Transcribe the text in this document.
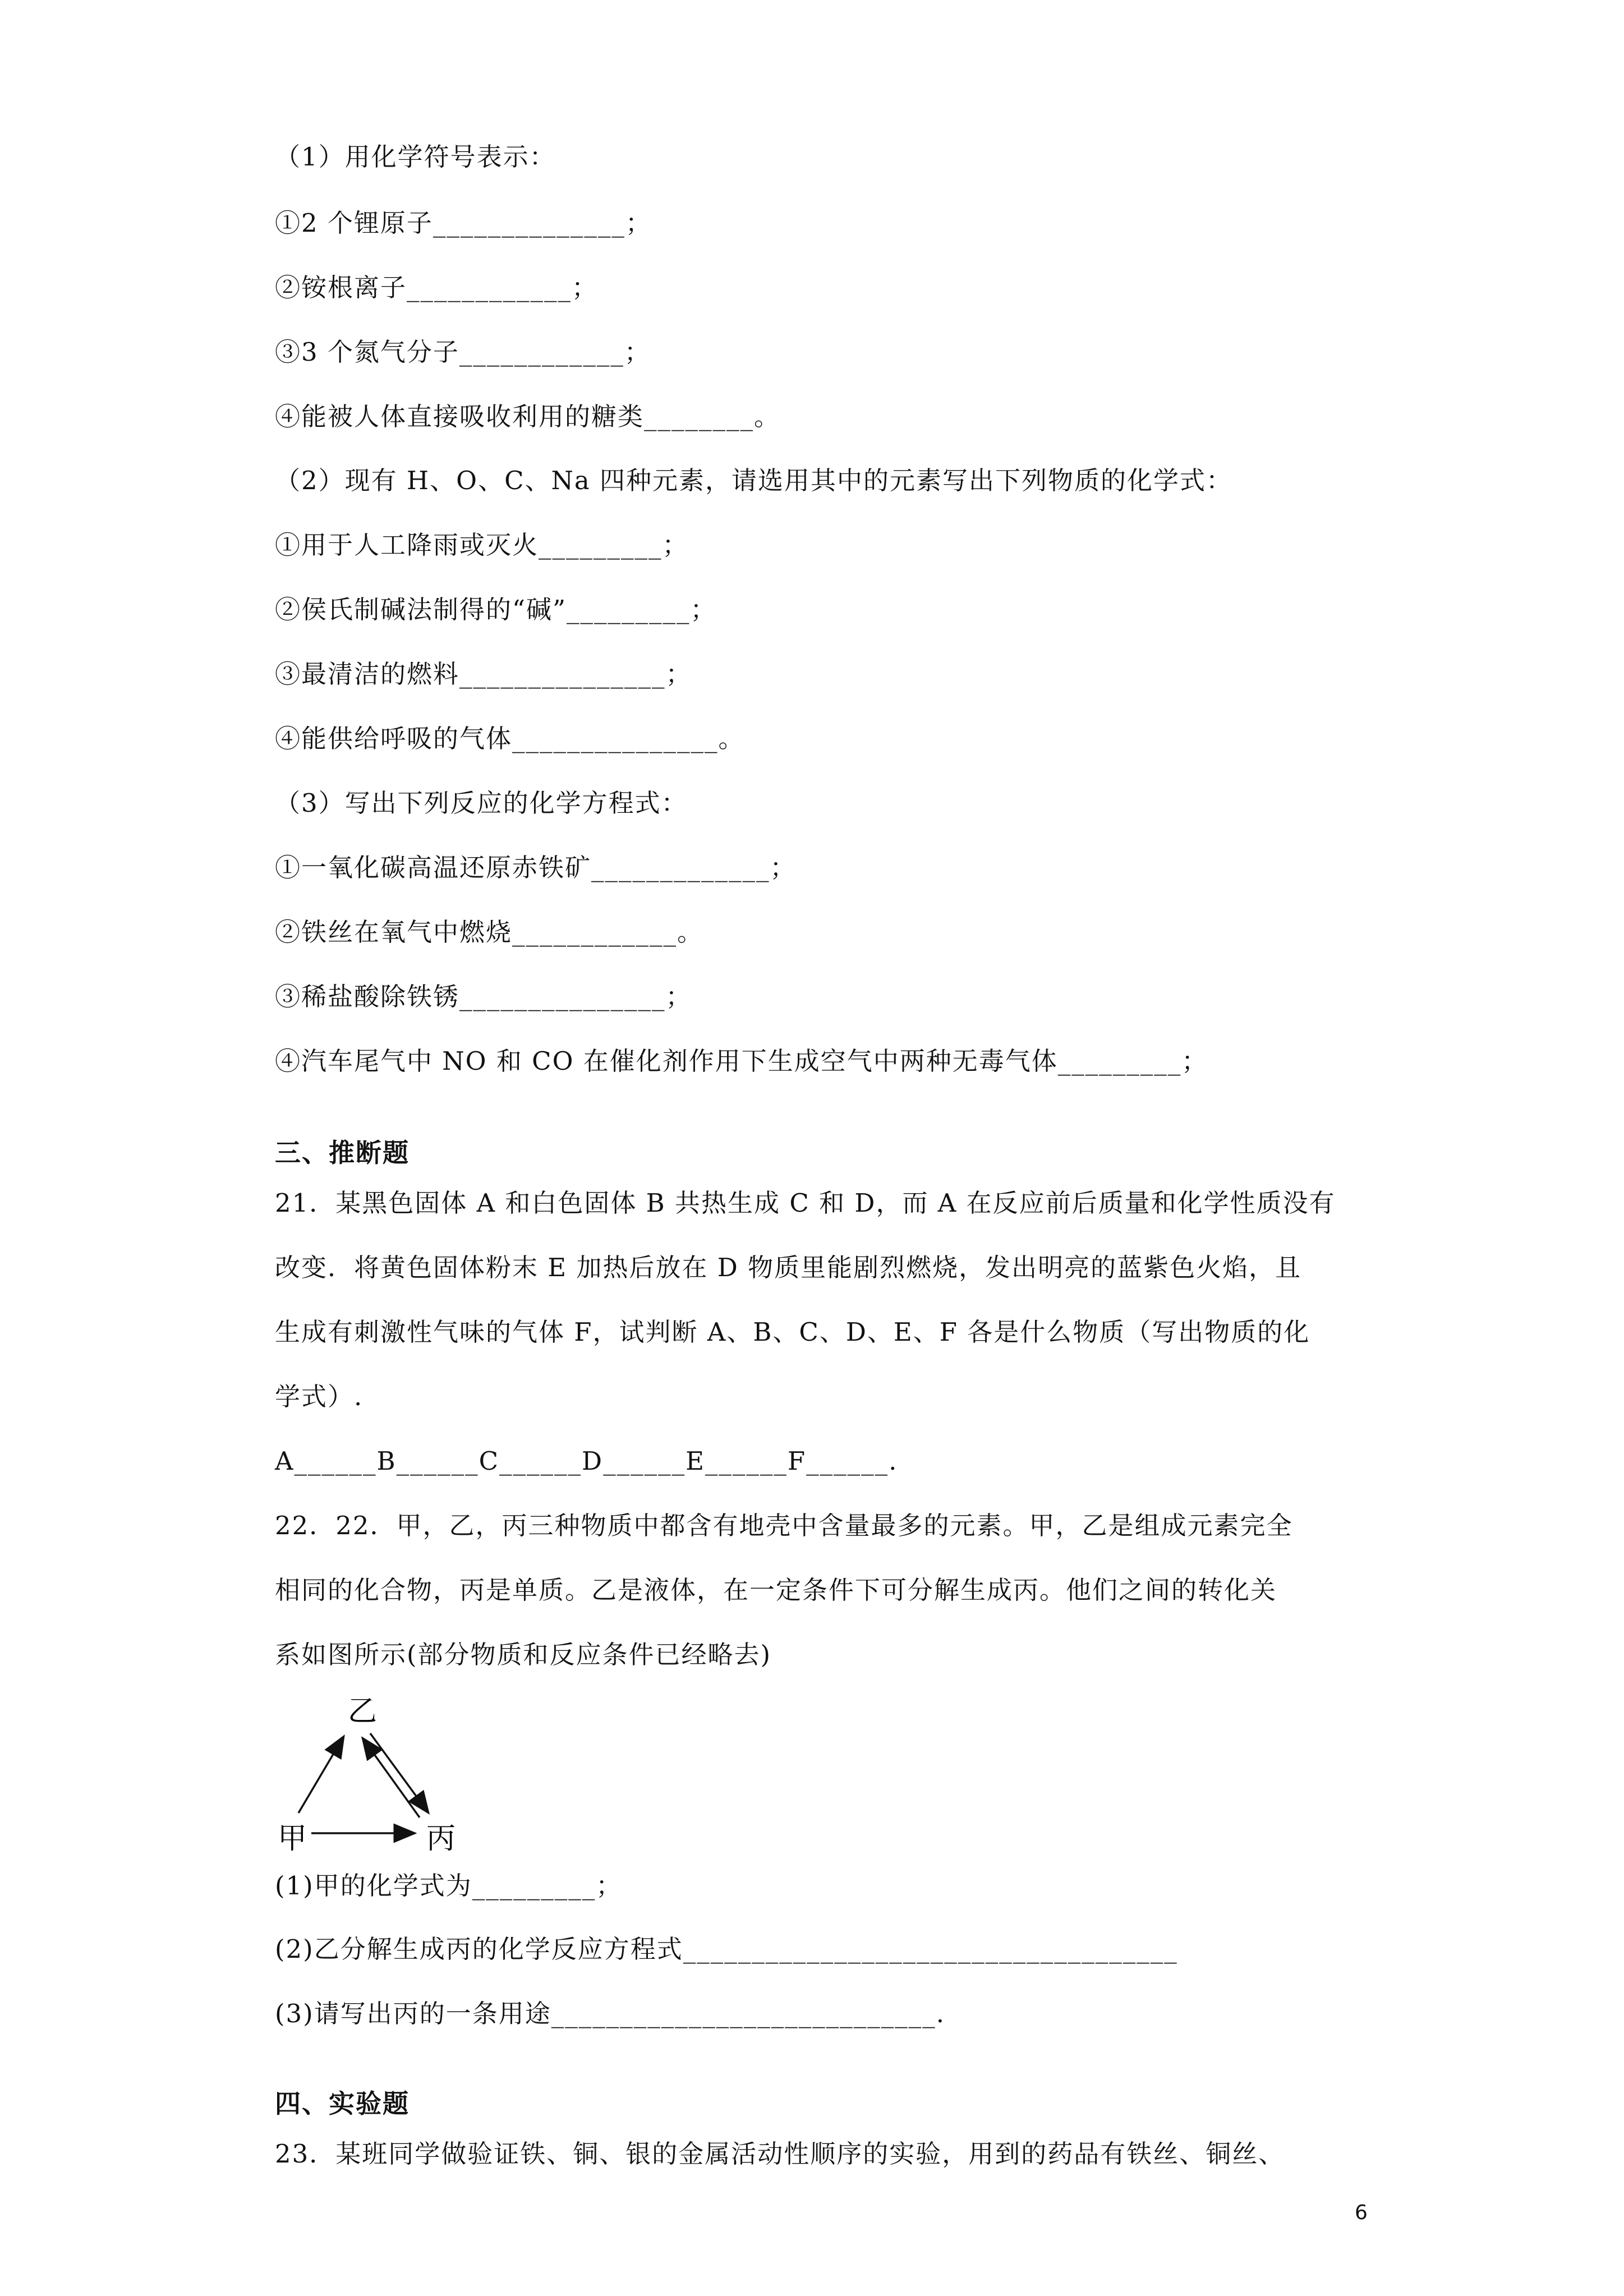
（1）用化学符号表示：
①2 个锂原子______________；
②铵根离子____________；
③3 个氮气分子____________；
④能被人体直接吸收利用的糖类________。
（2）现有 H、O、C、Na 四种元素，请选用其中的元素写出下列物质的化学式：
①用于人工降雨或灭火_________；
②侯氏制碱法制得的“碱”_________；
③最清洁的燃料_______________；
④能供给呼吸的气体_______________。
（3）写出下列反应的化学方程式：
①一氧化碳高温还原赤铁矿_____________；
②铁丝在氧气中燃烧____________。
③稀盐酸除铁锈_______________；
④汽车尾气中 NO 和 CO 在催化剂作用下生成空气中两种无毒气体_________；
三、推断题
21．某黑色固体 A 和白色固体 B 共热生成 C 和 D，而 A 在反应前后质量和化学性质没有
改变．将黄色固体粉末 E 加热后放在 D 物质里能剧烈燃烧，发出明亮的蓝紫色火焰，且
生成有刺激性气味的气体 F，试判断 A、B、C、D、E、F 各是什么物质（写出物质的化
学式）.
A______B______C______D______E______F______.
22．22．甲，乙，丙三种物质中都含有地壳中含量最多的元素。甲，乙是组成元素完全
相同的化合物，丙是单质。乙是液体，在一定条件下可分解生成丙。他们之间的转化关
系如图所示(部分物质和反应条件已经略去)
乙
甲	丙
(1)甲的化学式为_________；
(2)乙分解生成丙的化学反应方程式____________________________________
(3)请写出丙的一条用途____________________________.
四、实验题
23．某班同学做验证铁、铜、银的金属活动性顺序的实验，用到的药品有铁丝、铜丝、
6
